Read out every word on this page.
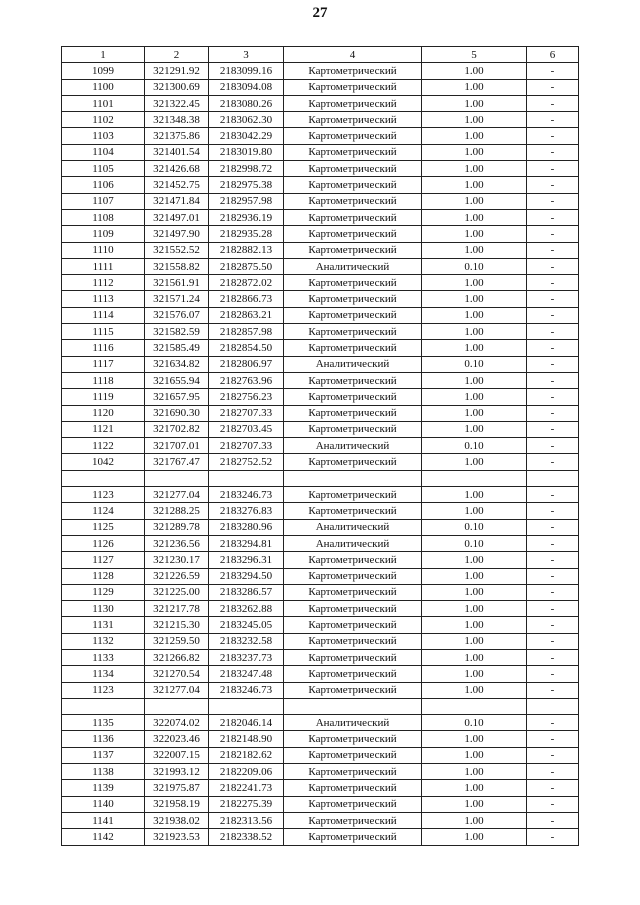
27
1	2	3	4	5	6
1099	321291.92	2183099.16	Картометрический	1.00	-
1100	321300.69	2183094.08	Картометрический	1.00	-
1101	321322.45	2183080.26	Картометрический	1.00	-
1102	321348.38	2183062.30	Картометрический	1.00	-
1103	321375.86	2183042.29	Картометрический	1.00	-
1104	321401.54	2183019.80	Картометрический	1.00	-
1105	321426.68	2182998.72	Картометрический	1.00	-
1106	321452.75	2182975.38	Картометрический	1.00	-
1107	321471.84	2182957.98	Картометрический	1.00	-
1108	321497.01	2182936.19	Картометрический	1.00	-
1109	321497.90	2182935.28	Картометрический	1.00	-
1110	321552.52	2182882.13	Картометрический	1.00	-
1111	321558.82	2182875.50	Аналитический	0.10	-
1112	321561.91	2182872.02	Картометрический	1.00	-
1113	321571.24	2182866.73	Картометрический	1.00	-
1114	321576.07	2182863.21	Картометрический	1.00	-
1115	321582.59	2182857.98	Картометрический	1.00	-
1116	321585.49	2182854.50	Картометрический	1.00	-
1117	321634.82	2182806.97	Аналитический	0.10	-
1118	321655.94	2182763.96	Картометрический	1.00	-
1119	321657.95	2182756.23	Картометрический	1.00	-
1120	321690.30	2182707.33	Картометрический	1.00	-
1121	321702.82	2182703.45	Картометрический	1.00	-
1122	321707.01	2182707.33	Аналитический	0.10	-
1042	321767.47	2182752.52	Картометрический	1.00	-

1123	321277.04	2183246.73	Картометрический	1.00	-
1124	321288.25	2183276.83	Картометрический	1.00	-
1125	321289.78	2183280.96	Аналитический	0.10	-
1126	321236.56	2183294.81	Аналитический	0.10	-
1127	321230.17	2183296.31	Картометрический	1.00	-
1128	321226.59	2183294.50	Картометрический	1.00	-
1129	321225.00	2183286.57	Картометрический	1.00	-
1130	321217.78	2183262.88	Картометрический	1.00	-
1131	321215.30	2183245.05	Картометрический	1.00	-
1132	321259.50	2183232.58	Картометрический	1.00	-
1133	321266.82	2183237.73	Картометрический	1.00	-
1134	321270.54	2183247.48	Картометрический	1.00	-
1123	321277.04	2183246.73	Картометрический	1.00	-

1135	322074.02	2182046.14	Аналитический	0.10	-
1136	322023.46	2182148.90	Картометрический	1.00	-
1137	322007.15	2182182.62	Картометрический	1.00	-
1138	321993.12	2182209.06	Картометрический	1.00	-
1139	321975.87	2182241.73	Картометрический	1.00	-
1140	321958.19	2182275.39	Картометрический	1.00	-
1141	321938.02	2182313.56	Картометрический	1.00	-
1142	321923.53	2182338.52	Картометрический	1.00	-
